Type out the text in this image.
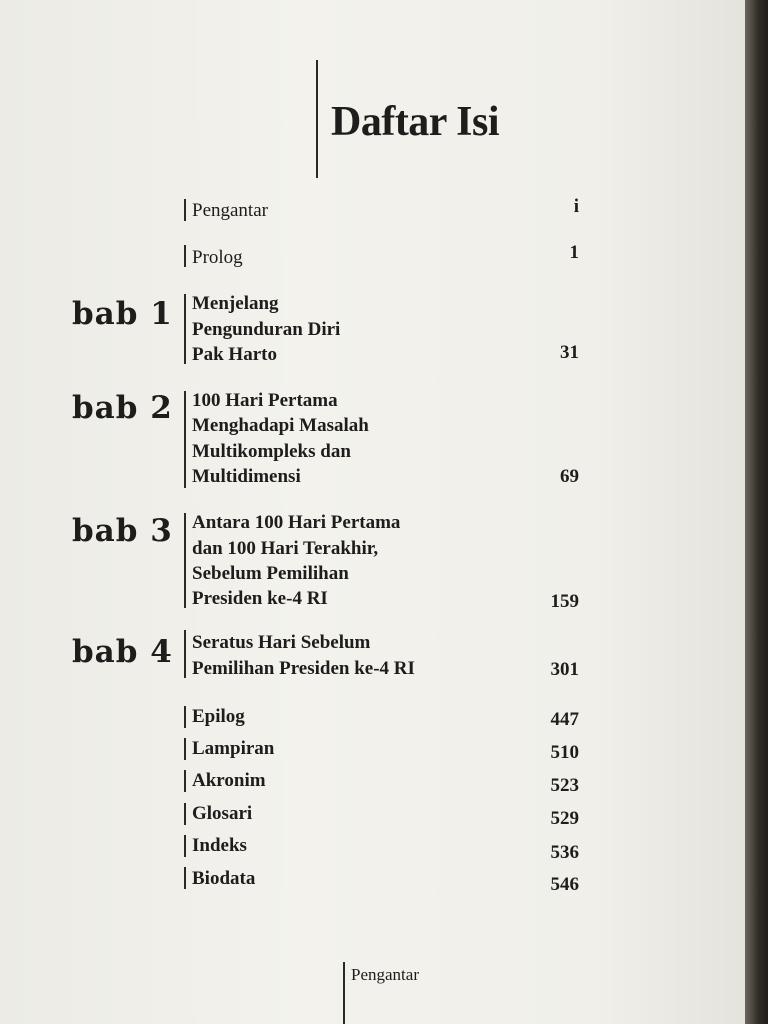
Daftar Isi
Pengantar	i
Prolog	1
bab 1 Menjelang
Pengunduran Diri
Pak Harto	31
bab 2 100 Hari Pertama
Menghadapi Masalah
Multikompleks dan
Multidimensi	69
bab 3 Antara 100 Hari Pertama
dan 100 Hari Terakhir,
Sebelum Pemilihan
Presiden ke-4 RI	159
bab 4 Seratus Hari Sebelum
Pemilihan Presiden ke-4 RI	301
Epilog	447
Lampiran	510
Akronim	523
Glosari	529
Indeks	536
Biodata	546
Pengantar
